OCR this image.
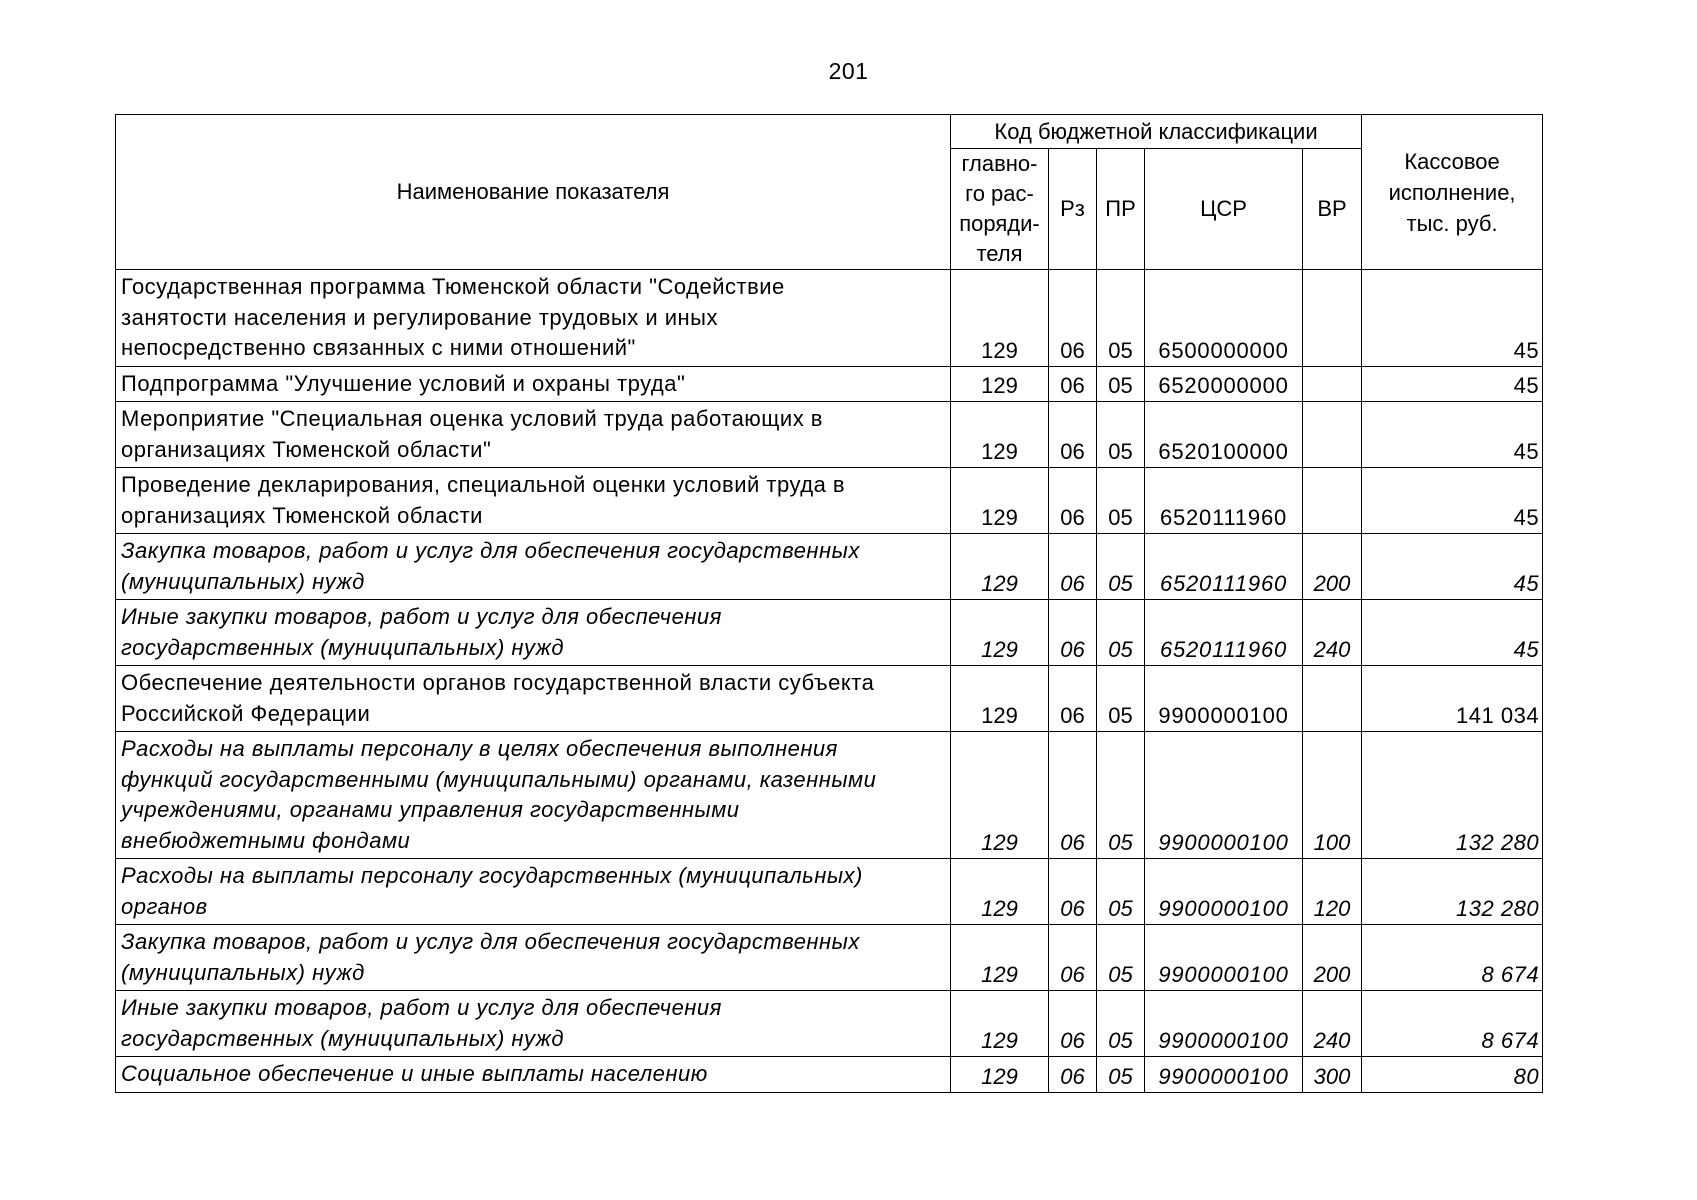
201
Наименование показателя	Код бюджетной классификации					Кассовое
исполнение,
тыс. руб.

	главно-
го рас-
поряди-
теля	Рз	ПР	ЦСР	ВР	

Государственная программа Тюменской области "Содействие
занятости населения и регулирование трудовых и иных
непосредственно связанных с ними отношений"	129	06	05	6500000000		45

Подпрограмма "Улучшение условий и охраны труда"	129	06	05	6520000000		45

Мероприятие "Специальная оценка условий труда работающих в
организациях Тюменской области"	129	06	05	6520100000		45

Проведение декларирования, специальной оценки условий труда в
организациях Тюменской области	129	06	05	6520111960		45

Закупка товаров, работ и услуг для обеспечения государственных
(муниципальных) нужд	129	06	05	6520111960	200	45

Иные закупки товаров, работ и услуг для обеспечения
государственных (муниципальных) нужд	129	06	05	6520111960	240	45

Обеспечение деятельности органов государственной власти субъекта
Российской Федерации	129	06	05	9900000100		141 034

Расходы на выплаты персоналу в целях обеспечения выполнения
функций государственными (муниципальными) органами, казенными
учреждениями, органами управления государственными
внебюджетными фондами	129	06	05	9900000100	100	132 280

Расходы на выплаты персоналу государственных (муниципальных)
органов	129	06	05	9900000100	120	132 280

Закупка товаров, работ и услуг для обеспечения государственных
(муниципальных) нужд	129	06	05	9900000100	200	8 674

Иные закупки товаров, работ и услуг для обеспечения
государственных (муниципальных) нужд	129	06	05	9900000100	240	8 674

Социальное обеспечение и иные выплаты населению	129	06	05	9900000100	300	80
